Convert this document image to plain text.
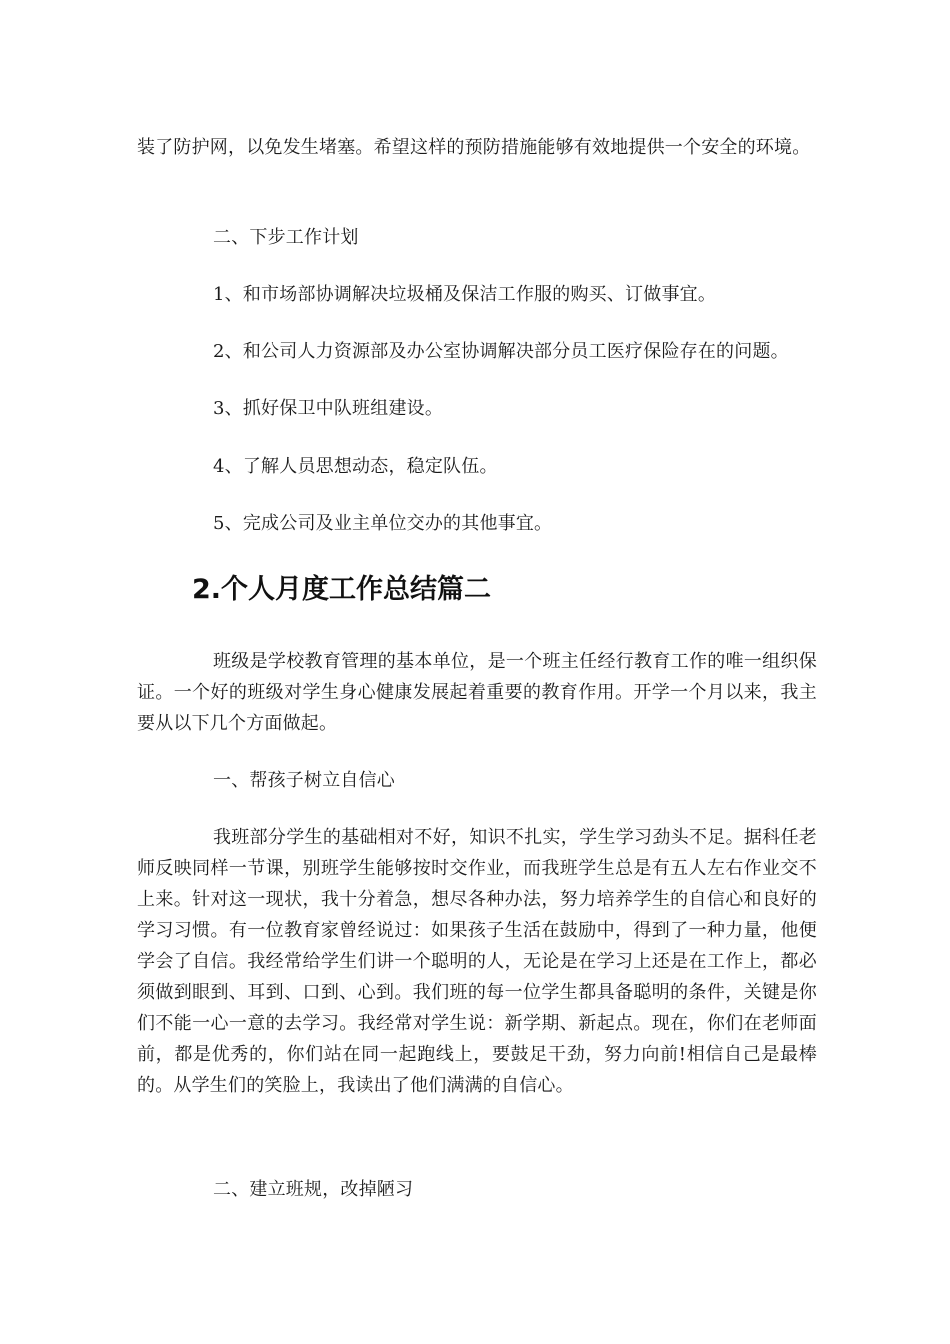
装了防护网，以免发生堵塞。希望这样的预防措施能够有效地提供一个安全的环境。

二、下步工作计划

1、和市场部协调解决垃圾桶及保洁工作服的购买、订做事宜。

2、和公司人力资源部及办公室协调解决部分员工医疗保险存在的问题。

3、抓好保卫中队班组建设。

4、了解人员思想动态，稳定队伍。

5、完成公司及业主单位交办的其他事宜。

2.个人月度工作总结篇二

班级是学校教育管理的基本单位，是一个班主任经行教育工作的唯一组织保证。一个好的班级对学生身心健康发展起着重要的教育作用。开学一个月以来，我主要从以下几个方面做起。

一、帮孩子树立自信心

我班部分学生的基础相对不好，知识不扎实，学生学习劲头不足。据科任老师反映同样一节课，别班学生能够按时交作业，而我班学生总是有五人左右作业交不上来。针对这一现状，我十分着急，想尽各种办法，努力培养学生的自信心和良好的学习习惯。有一位教育家曾经说过：如果孩子生活在鼓励中，得到了一种力量，他便学会了自信。我经常给学生们讲一个聪明的人，无论是在学习上还是在工作上，都必须做到眼到、耳到、口到、心到。我们班的每一位学生都具备聪明的条件，关键是你们不能一心一意的去学习。我经常对学生说：新学期、新起点。现在，你们在老师面前，都是优秀的，你们站在同一起跑线上，要鼓足干劲，努力向前!相信自己是最棒的。从学生们的笑脸上，我读出了他们满满的自信心。

二、建立班规，改掉陋习
